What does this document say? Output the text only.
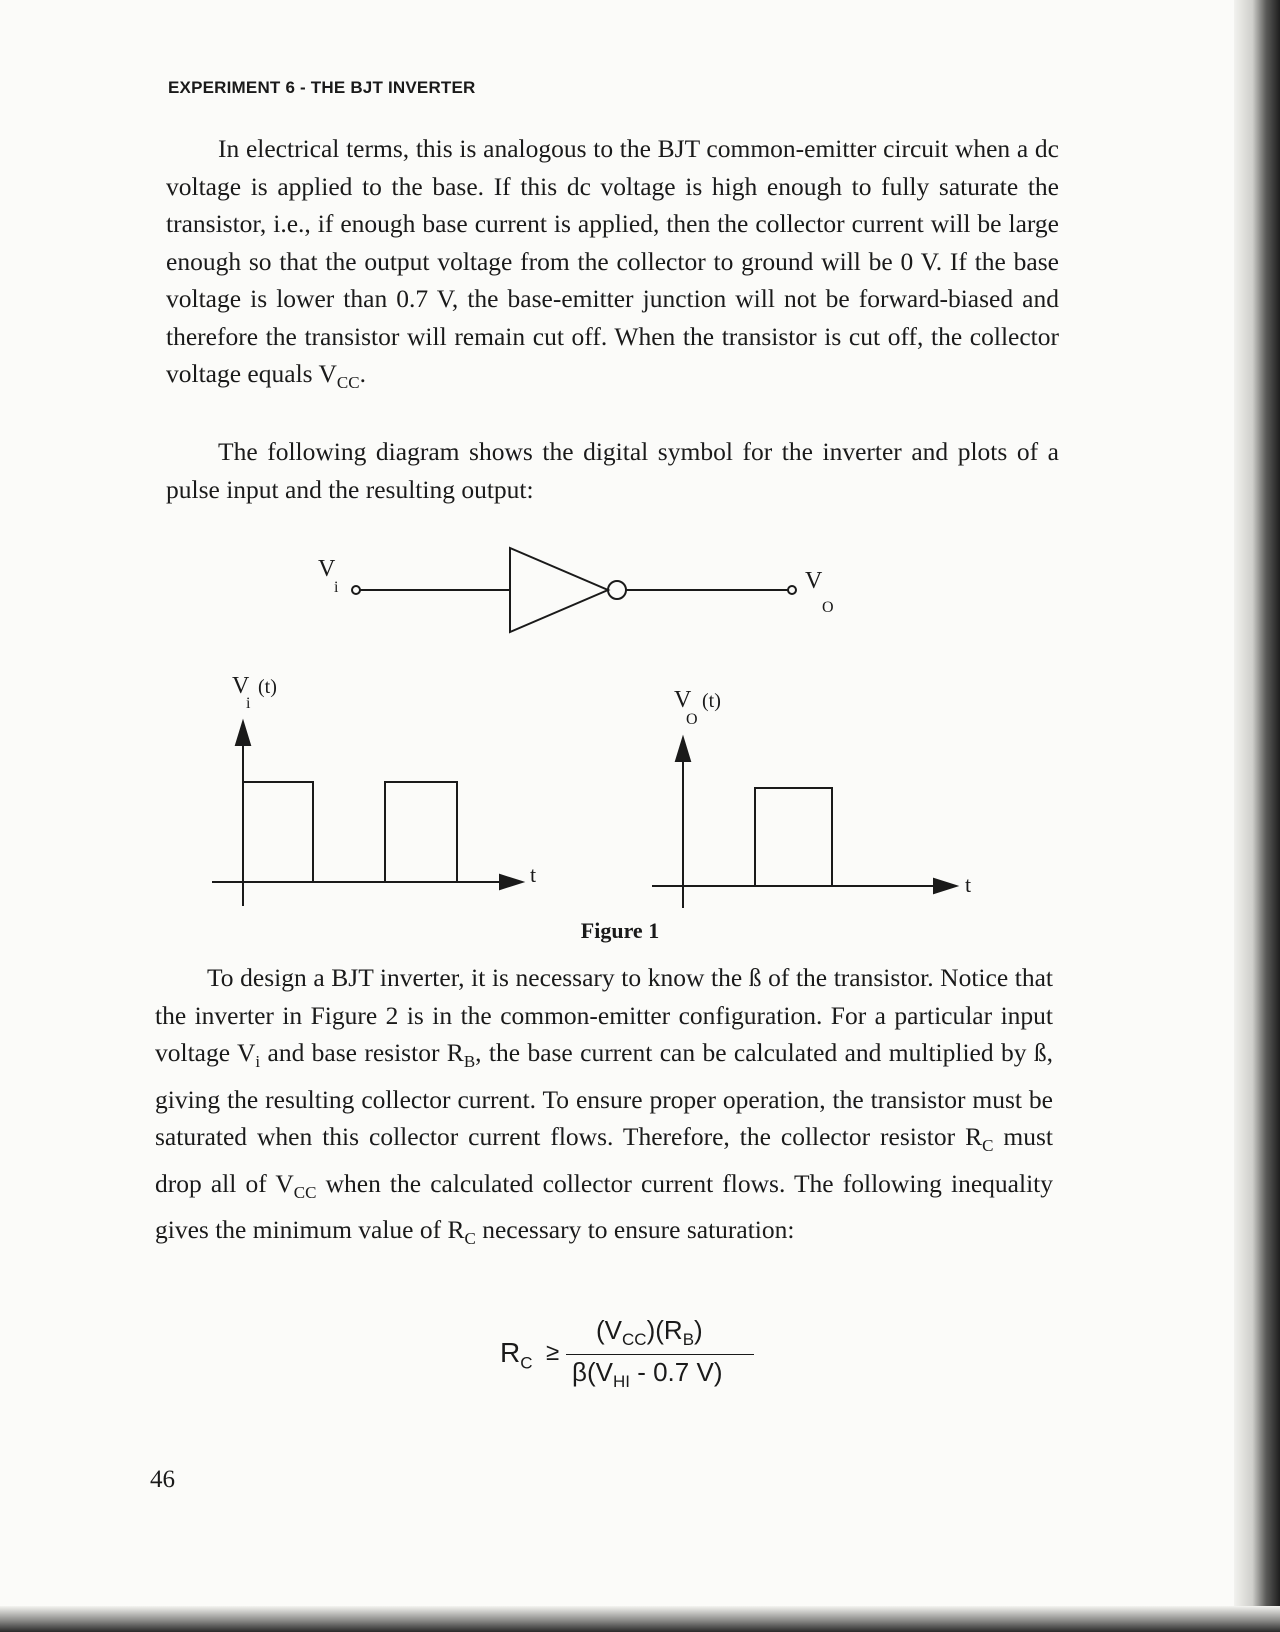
EXPERIMENT 6 - THE BJT INVERTER

In electrical terms, this is analogous to the BJT common-emitter circuit when a dc voltage is applied to the base. If this dc voltage is high enough to fully saturate the transistor, i.e., if enough base current is applied, then the collector current will be large enough so that the output voltage from the collector to ground will be 0 V. If the base voltage is lower than 0.7 V, the base-emitter junction will not be forward-biased and therefore the transistor will remain cut off. When the transistor is cut off, the collector voltage equals $V_{CC}$.

The following diagram shows the digital symbol for the inverter and plots of a pulse input and the resulting output:

V
i	V
O
V
i
(t)
t
V
O
(t)
t
Figure 1

To design a BJT inverter, it is necessary to know the ß of the transistor. Notice that the inverter in Figure 2 is in the common-emitter configuration. For a particular input voltage $V_i$ and base resistor $R_B$, the base current can be calculated and multiplied by ß, giving the resulting collector current. To ensure proper operation, the transistor must be saturated when this collector current flows. Therefore, the collector resistor $R_C$ must drop all of $V_{CC}$ when the calculated collector current flows. The following inequality gives the minimum value of $R_C$ necessary to ensure saturation:

$R_C$ ≥
$(V_{CC})(R_B)$
$\beta(V_{HI} - 0.7$ V)
46
